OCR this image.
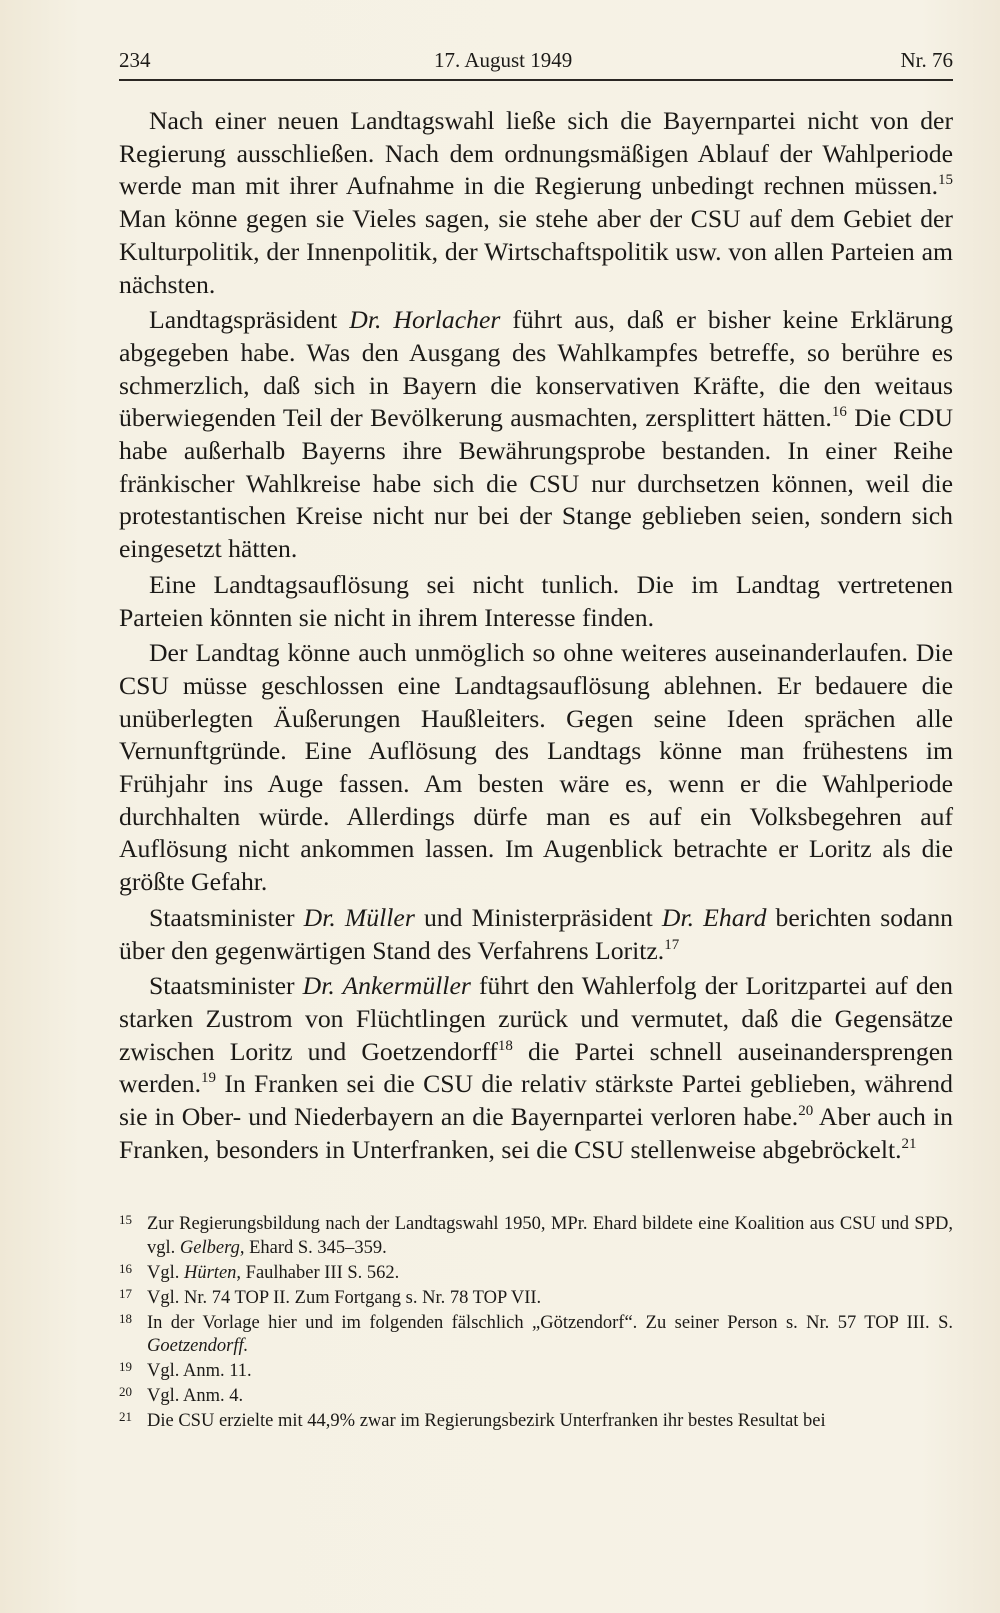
234	17. August 1949	Nr. 76

Nach einer neuen Landtagswahl ließe sich die Bayernpartei nicht von der Regierung ausschließen. Nach dem ordnungsmäßigen Ablauf der Wahlperiode werde man mit ihrer Aufnahme in die Regierung unbedingt rechnen müssen.$^{15}$ Man könne gegen sie Vieles sagen, sie stehe aber der CSU auf dem Gebiet der Kulturpolitik, der Innenpolitik, der Wirtschaftspolitik usw. von allen Parteien am nächsten.

Landtagspräsident Dr. Horlacher führt aus, daß er bisher keine Erklärung abgegeben habe. Was den Ausgang des Wahlkampfes betreffe, so berühre es schmerzlich, daß sich in Bayern die konservativen Kräfte, die den weitaus überwiegenden Teil der Bevölkerung ausmachten, zersplittert hätten.$^{16}$ Die CDU habe außerhalb Bayerns ihre Bewährungsprobe bestanden. In einer Reihe fränkischer Wahlkreise habe sich die CSU nur durchsetzen können, weil die protestantischen Kreise nicht nur bei der Stange geblieben seien, sondern sich eingesetzt hätten.

Eine Landtagsauflösung sei nicht tunlich. Die im Landtag vertretenen Parteien könnten sie nicht in ihrem Interesse finden.

Der Landtag könne auch unmöglich so ohne weiteres auseinanderlaufen. Die CSU müsse geschlossen eine Landtagsauflösung ablehnen. Er bedauere die unüberlegten Äußerungen Haußleiters. Gegen seine Ideen sprächen alle Vernunftgründe. Eine Auflösung des Landtags könne man frühestens im Frühjahr ins Auge fassen. Am besten wäre es, wenn er die Wahlperiode durchhalten würde. Allerdings dürfe man es auf ein Volksbegehren auf Auflösung nicht ankommen lassen. Im Augenblick betrachte er Loritz als die größte Gefahr.

Staatsminister Dr. Müller und Ministerpräsident Dr. Ehard berichten sodann über den gegenwärtigen Stand des Verfahrens Loritz.$^{17}$

Staatsminister Dr. Ankermüller führt den Wahlerfolg der Loritzpartei auf den starken Zustrom von Flüchtlingen zurück und vermutet, daß die Gegensätze zwischen Loritz und Goetzendorff$^{18}$ die Partei schnell auseinandersprengen werden.$^{19}$ In Franken sei die CSU die relativ stärkste Partei geblieben, während sie in Ober- und Niederbayern an die Bayernpartei verloren habe.$^{20}$ Aber auch in Franken, besonders in Unterfranken, sei die CSU stellenweise abgebröckelt.$^{21}$

15 Zur Regierungsbildung nach der Landtagswahl 1950, MPr. Ehard bildete eine Koalition aus CSU und SPD, vgl. Gelberg, Ehard S. 345–359.
16 Vgl. Hürten, Faulhaber III S. 562.
17 Vgl. Nr. 74 TOP II. Zum Fortgang s. Nr. 78 TOP VII.
18 In der Vorlage hier und im folgenden fälschlich „Götzendorf“. Zu seiner Person s. Nr. 57 TOP III. S. Goetzendorff.
19 Vgl. Anm. 11.
20 Vgl. Anm. 4.
21 Die CSU erzielte mit 44,9% zwar im Regierungsbezirk Unterfranken ihr bestes Resultat bei
